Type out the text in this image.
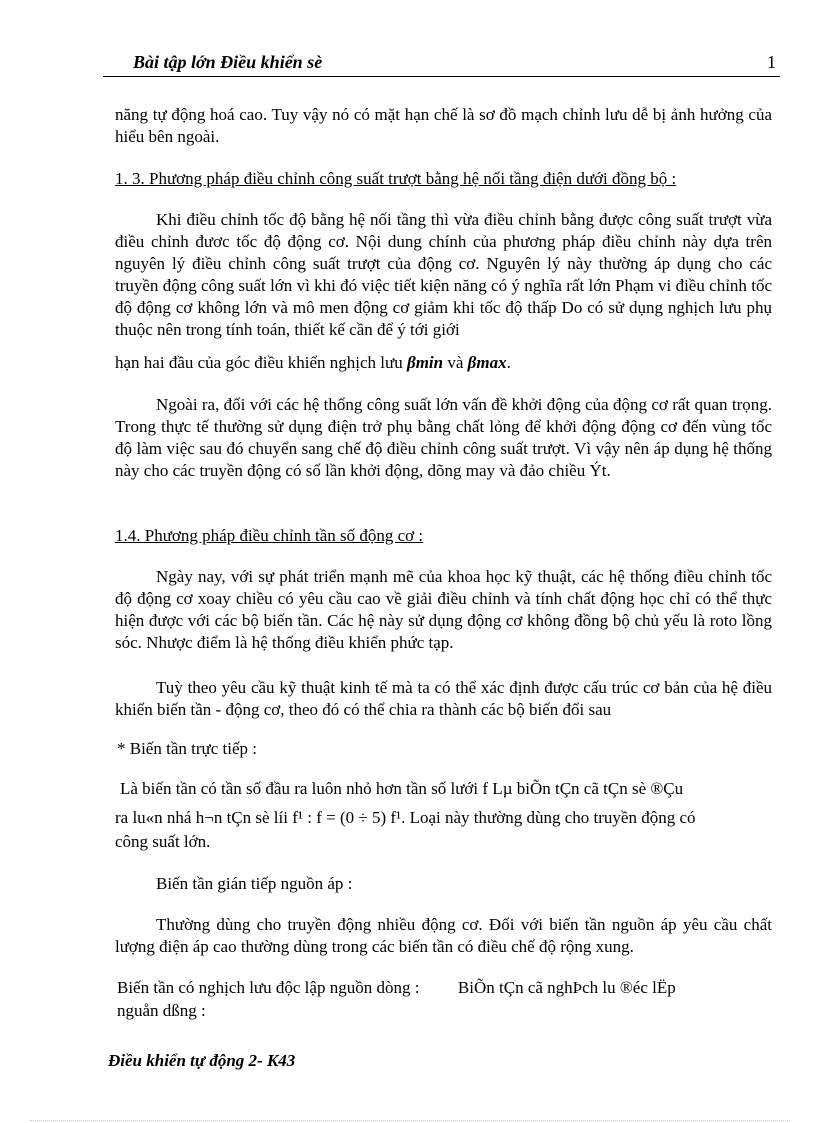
Bài tập lớn Điều khiển sè	1

năng tự động hoá cao. Tuy vậy nó có mặt hạn chế là sơ đồ mạch chỉnh lưu dễ bị ảnh hưởng của hiểu bên ngoài.

1. 3. Phương pháp điều chỉnh công suất trượt bằng hệ nối tầng điện dưới đồng bộ :

Khi điều chỉnh tốc độ bằng hệ nối tầng thì vừa điều chỉnh bằng được công suất trượt vừa điều chỉnh đươc tốc độ động cơ. Nội dung chính của phương pháp điều chỉnh này dựa trên nguyên lý điều chỉnh công suất trượt của động cơ. Nguyên lý này thường áp dụng cho các truyền động công suất lớn vì khi đó việc tiết kiện năng có ý nghĩa rất lớn Phạm vi điều chỉnh tốc độ động cơ không lớn và mô men động cơ giảm khi tốc độ thấp Do có sử dụng nghịch lưu phụ thuộc nên trong tính toán, thiết kế cần để ý tới giới

hạn hai đầu của góc điều khiển nghịch lưu βmin và βmax.

Ngoài ra, đối với các hệ thống công suất lớn vấn đề khởi động của động cơ rất quan trọng. Trong thực tế thường sử dụng điện trở phụ bằng chất lỏng để khởi động động cơ đến vùng tốc độ làm việc sau đó chuyển sang chế độ điều chỉnh công suất trượt. Vì vậy nên áp dụng hệ thống này cho các truyền động có số lần khởi động, dõng may và đảo chiều Ýt.

1.4. Phương pháp điều chỉnh tần số động cơ :

Ngày nay, với sự phát triển mạnh mẽ của khoa học kỹ thuật, các hệ thống điều chỉnh tốc độ động cơ xoay chiều có yêu cầu cao về giải điều chỉnh và tính chất động học chỉ có thể thực hiện được với các bộ biến tần. Các hệ này sử dụng động cơ không đồng bộ chủ yếu là roto lồng sóc. Nhược điểm là hệ thống điều khiển phức tạp.

Tuỳ theo yêu cầu kỹ thuật kinh tế mà ta có thể xác định được cấu trúc cơ bản của hệ điều khiển biến tần - động cơ, theo đó có thể chia ra thành các bộ biến đổi sau

* Biến tần trực tiếp :
Là biến tần có tần số đầu ra luôn nhỏ hơn tần số lưới f Lµ biÕn tÇn cã tÇn sè ®Çu
ra lu«n nhá h¬n tÇn sè líi f¹ : f = (0 ÷ 5) f¹. Loại này thường dùng cho truyền động có
công suất lớn.
Biến tần gián tiếp nguồn áp :

Thường dùng cho truyền động nhiều động cơ. Đối với biến tần nguồn áp yêu cầu chất lượng điện áp cao thường dùng trong các biến tần có điều chế độ rộng xung.

Biến tần có nghịch lưu độc lập nguồn dòng : BiÕn tÇn cã nghÞch lu ®éc lËp
nguån dßng :
Điều khiển tự động 2- K43
